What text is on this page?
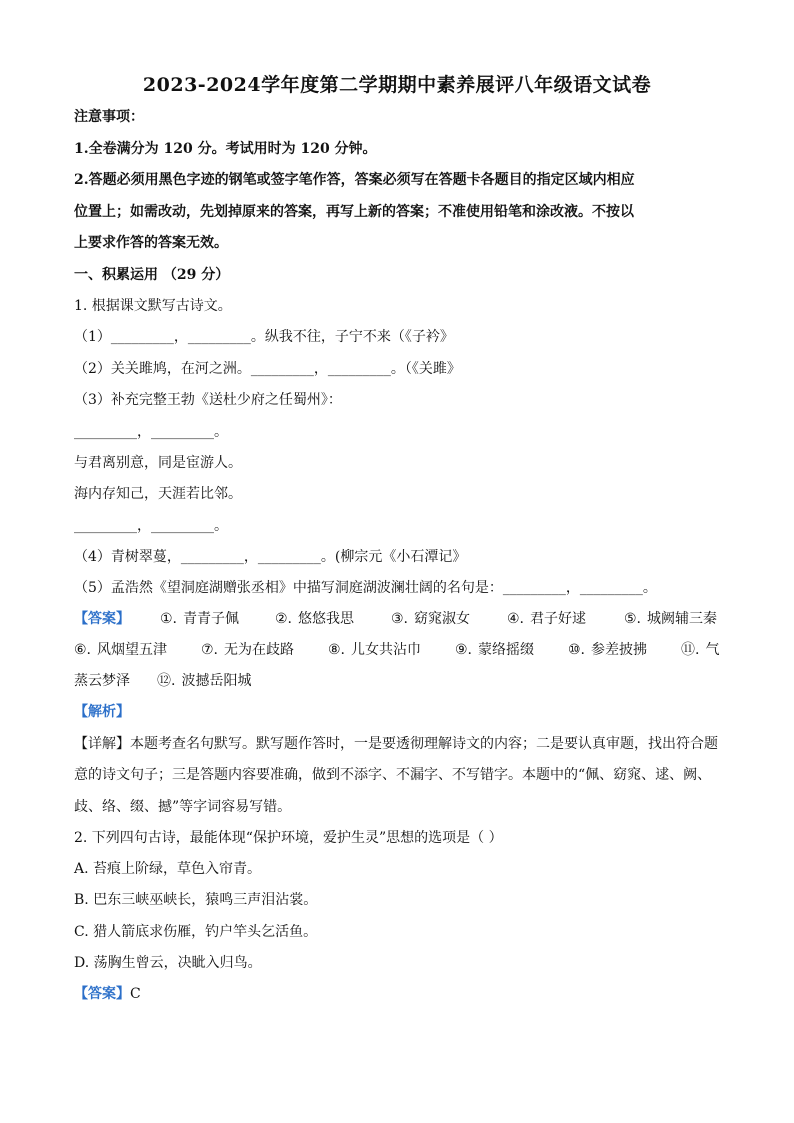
2023-2024学年度第二学期期中素养展评八年级语文试卷
注意事项：
1.全卷满分为 120 分。考试用时为 120 分钟。
2.答题必须用黑色字迹的钢笔或签字笔作答，答案必须写在答题卡各题目的指定区域内相应
位置上；如需改动，先划掉原来的答案，再写上新的答案；不准使用铅笔和涂改液。不按以
上要求作答的答案无效。
一、积累运用 （29 分）
1. 根据课文默写古诗文。
（1）_________，_________。纵我不往，子宁不来（《子衿》
（2）关关雎鸠，在河之洲。_________，_________。（《关雎》
（3）补充完整王勃《送杜少府之任蜀州》：
_________，_________。
与君离别意，同是宦游人。
海内存知己，天涯若比邻。
_________，_________。
（4）青树翠蔓，_________，_________。(柳宗元《小石潭记》
（5）孟浩然《望洞庭湖赠张丞相》中描写洞庭湖波澜壮阔的名句是：_________，_________。
【答案】 ①. 青青子佩	②. 悠悠我思	③. 窈窕淑女	④. 君子好逑	⑤. 城阙辅三秦
⑥. 风烟望五津 ⑦. 无为在歧路 ⑧. 儿女共沾巾 ⑨. 蒙络摇缀 ⑩. 参差披拂 ⑪. 气
蒸云梦泽 ⑫. 波撼岳阳城
【解析】
【详解】本题考查名句默写。默写题作答时，一是要透彻理解诗文的内容；二是要认真审题，找出符合题
意的诗文句子；三是答题内容要准确，做到不添字、不漏字、不写错字。本题中的“佩、窈窕、逑、阙、
歧、络、缀、撼”等字词容易写错。
2. 下列四句古诗，最能体现“保护环境，爱护生灵”思想的选项是（ ）
A. 苔痕上阶绿，草色入帘青。
B. 巴东三峡巫峡长，猿鸣三声泪沾裳。
C. 猎人箭底求伤雁，钓户竿头乞活鱼。
D. 荡胸生曾云，决眦入归鸟。
【答案】C
